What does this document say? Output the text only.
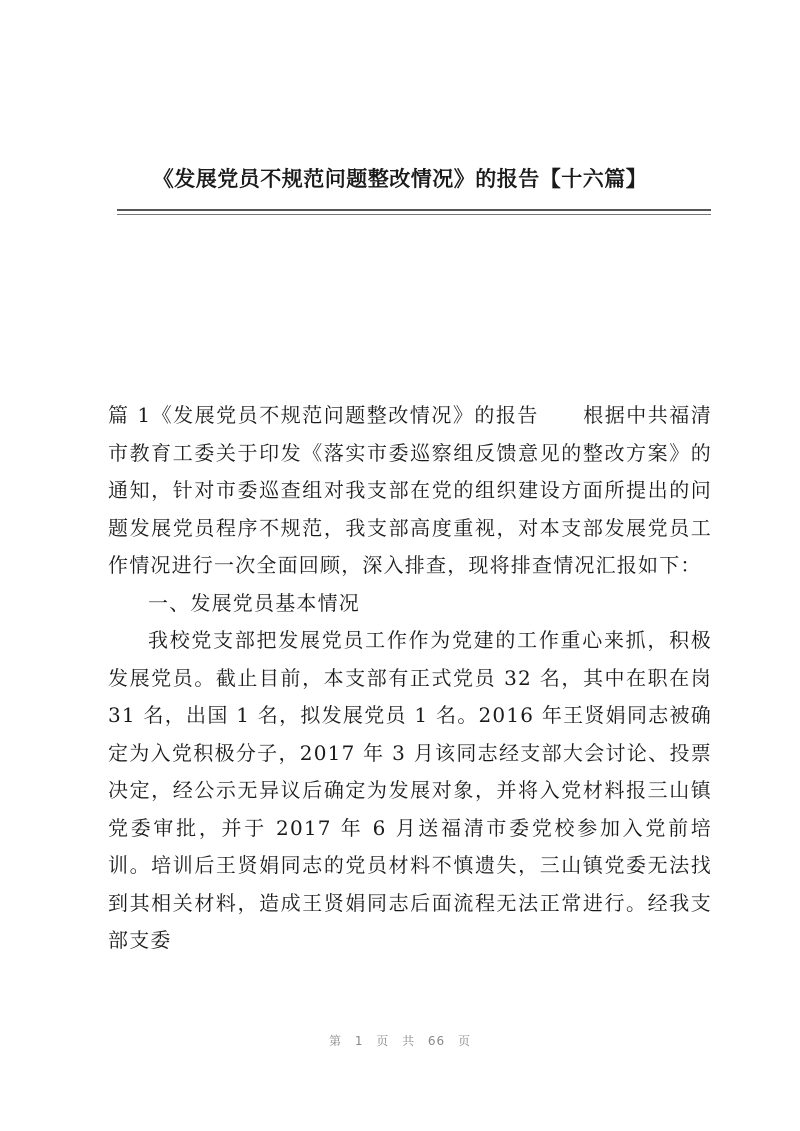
《发展党员不规范问题整改情况》的报告【十六篇】

篇 1《发展党员不规范问题整改情况》的报告 根据中共福清市教育工委关于印发《落实市委巡察组反馈意见的整改方案》的通知，针对市委巡查组对我支部在党的组织建设方面所提出的问题发展党员程序不规范，我支部高度重视，对本支部发展党员工作情况进行一次全面回顾，深入排查，现将排查情况汇报如下：

一、发展党员基本情况

我校党支部把发展党员工作作为党建的工作重心来抓，积极发展党员。截止目前，本支部有正式党员 32 名，其中在职在岗 31 名，出国 1 名，拟发展党员 1 名。2016 年王贤娟同志被确定为入党积极分子，2017 年 3 月该同志经支部大会讨论、投票决定，经公示无异议后确定为发展对象，并将入党材料报三山镇党委审批，并于 2017 年 6 月送福清市委党校参加入党前培训。培训后王贤娟同志的党员材料不慎遗失，三山镇党委无法找到其相关材料，造成王贤娟同志后面流程无法正常进行。经我支部支委

第 1 页 共 66 页
